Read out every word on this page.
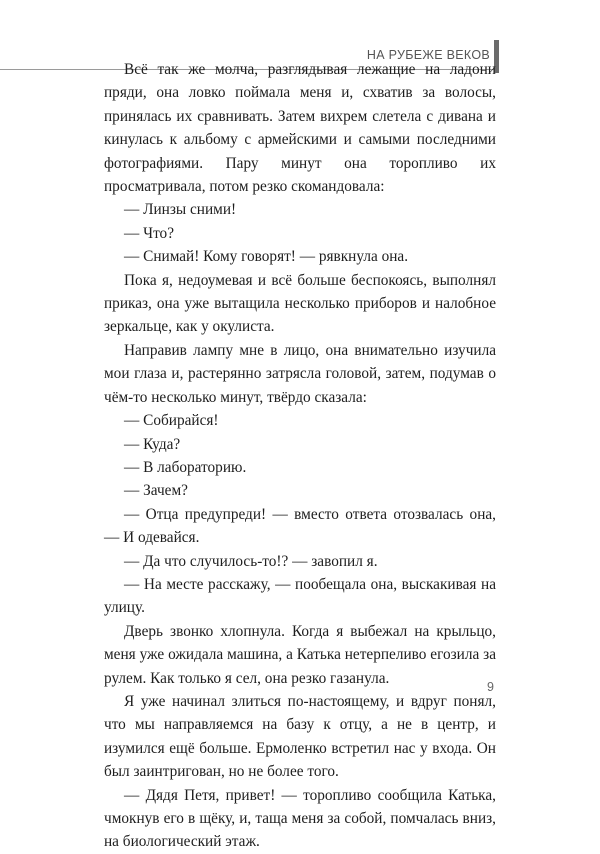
НА РУБЕЖЕ ВЕКОВ

Всё так же молча, разглядывая лежащие на ладони пряди, она ловко поймала меня и, схватив за волосы, принялась их сравнивать. Затем вихрем слетела с дивана и кинулась к альбому с армейскими и самыми последними фотографиями. Пару минут она торопливо их просматривала, потом резко скомандовала:

— Линзы сними!

— Что?

— Снимай! Кому говорят! — рявкнула она.

Пока я, недоумевая и всё больше беспокоясь, выполнял приказ, она уже вытащила несколько приборов и налобное зеркальце, как у окулиста.

Направив лампу мне в лицо, она внимательно изучила мои глаза и, растерянно затрясла головой, затем, подумав о чём-то несколько минут, твёрдо сказала:

— Собирайся!

— Куда?

— В лабораторию.

— Зачем?

— Отца предупреди! — вместо ответа отозвалась она, — И одевайся.

— Да что случилось-то!? — завопил я.

— На месте расскажу, — пообещала она, выскакивая на улицу.

Дверь звонко хлопнула. Когда я выбежал на крыльцо, меня уже ожидала машина, а Катька нетерпеливо егозила за рулем. Как только я сел, она резко газанула.

Я уже начинал злиться по-настоящему, и вдруг понял, что мы направляемся на базу к отцу, а не в центр, и изумился ещё больше. Ермоленко встретил нас у входа. Он был заинтригован, но не более того.

— Дядя Петя, привет! — торопливо сообщила Катька, чмокнув его в щёку, и, таща меня за собой, помчалась вниз, на биологический этаж.

9
